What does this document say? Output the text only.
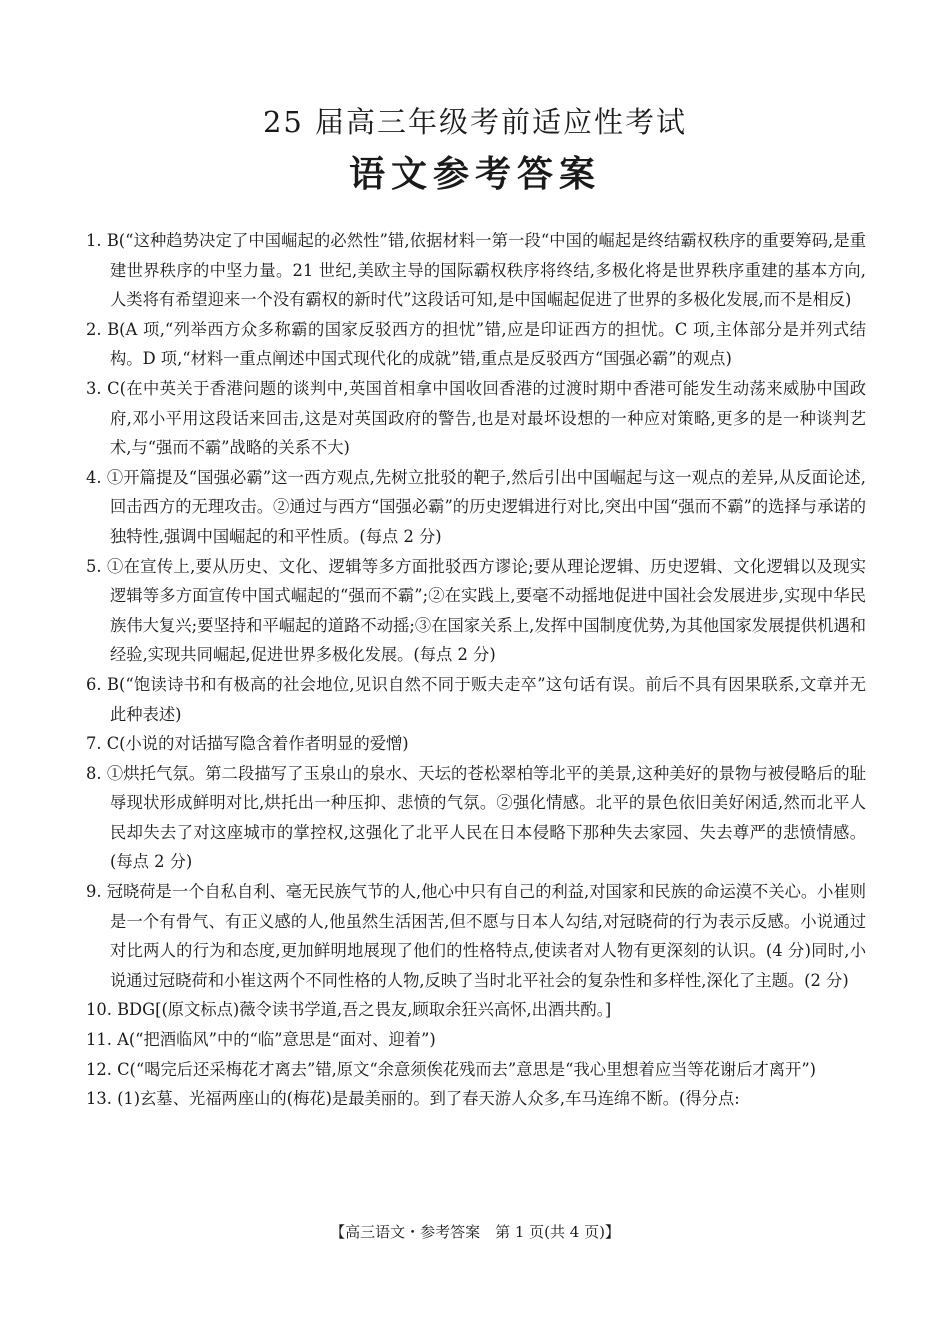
25 届高三年级考前适应性考试
语文参考答案
1. B(“这种趋势决定了中国崛起的必然性”错,依据材料一第一段“中国的崛起是终结霸权秩序的重要筹码,是重建世界秩序的中坚力量。21 世纪,美欧主导的国际霸权秩序将终结,多极化将是世界秩序重建的基本方向,人类将有希望迎来一个没有霸权的新时代”这段话可知,是中国崛起促进了世界的多极化发展,而不是相反)
2. B(A 项,“列举西方众多称霸的国家反驳西方的担忧”错,应是印证西方的担忧。C 项,主体部分是并列式结构。D 项,“材料一重点阐述中国式现代化的成就”错,重点是反驳西方“国强必霸”的观点)
3. C(在中英关于香港问题的谈判中,英国首相拿中国收回香港的过渡时期中香港可能发生动荡来威胁中国政府,邓小平用这段话来回击,这是对英国政府的警告,也是对最坏设想的一种应对策略,更多的是一种谈判艺术,与“强而不霸”战略的关系不大)
4. ①开篇提及“国强必霸”这一西方观点,先树立批驳的靶子,然后引出中国崛起与这一观点的差异,从反面论述,回击西方的无理攻击。②通过与西方“国强必霸”的历史逻辑进行对比,突出中国“强而不霸”的选择与承诺的独特性,强调中国崛起的和平性质。(每点 2 分)
5. ①在宣传上,要从历史、文化、逻辑等多方面批驳西方谬论;要从理论逻辑、历史逻辑、文化逻辑以及现实逻辑等多方面宣传中国式崛起的“强而不霸”;②在实践上,要毫不动摇地促进中国社会发展进步,实现中华民族伟大复兴;要坚持和平崛起的道路不动摇;③在国家关系上,发挥中国制度优势,为其他国家发展提供机遇和经验,实现共同崛起,促进世界多极化发展。(每点 2 分)
6. B(“饱读诗书和有极高的社会地位,见识自然不同于贩夫走卒”这句话有误。前后不具有因果联系,文章并无此种表述)
7. C(小说的对话描写隐含着作者明显的爱憎)
8. ①烘托气氛。第二段描写了玉泉山的泉水、天坛的苍松翠柏等北平的美景,这种美好的景物与被侵略后的耻辱现状形成鲜明对比,烘托出一种压抑、悲愤的气氛。②强化情感。北平的景色依旧美好闲适,然而北平人民却失去了对这座城市的掌控权,这强化了北平人民在日本侵略下那种失去家园、失去尊严的悲愤情感。(每点 2 分)
9. 冠晓荷是一个自私自利、毫无民族气节的人,他心中只有自己的利益,对国家和民族的命运漠不关心。小崔则是一个有骨气、有正义感的人,他虽然生活困苦,但不愿与日本人勾结,对冠晓荷的行为表示反感。小说通过对比两人的行为和态度,更加鲜明地展现了他们的性格特点,使读者对人物有更深刻的认识。(4 分)同时,小说通过冠晓荷和小崔这两个不同性格的人物,反映了当时北平社会的复杂性和多样性,深化了主题。(2 分)
10. BDG[(原文标点)薇令读书学道,吾之畏友,顾取余狂兴高怀,出酒共酌。]
11. A(“把酒临风”中的“临”意思是“面对、迎着”)
12. C(“喝完后还采梅花才离去”错,原文“余意须俟花残而去”意思是“我心里想着应当等花谢后才离开”)
13. (1)玄墓、光福两座山的(梅花)是最美丽的。到了春天游人众多,车马连绵不断。(得分点:
【高三语文・参考答案　第 1 页(共 4 页)】
